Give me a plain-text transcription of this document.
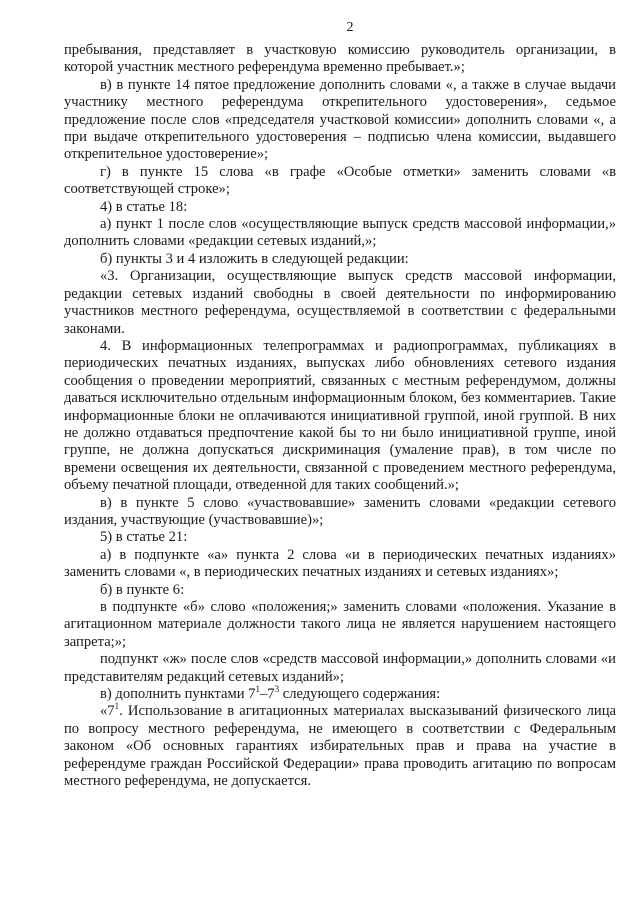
2

пребывания, представляет в участковую комиссию руководитель организации, в которой участник местного референдума временно пребывает.»;

в) в пункте 14 пятое предложение дополнить словами «, а также в случае выдачи участнику местного референдума открепительного удостоверения», седьмое предложение после слов «председателя участковой комиссии» дополнить словами «, а при выдаче открепительного удостоверения – подписью члена комиссии, выдавшего открепительное удостоверение»;

г) в пункте 15 слова «в графе «Особые отметки» заменить словами «в соответствующей строке»;

4) в статье 18:

а) пункт 1 после слов «осуществляющие выпуск средств массовой информации,» дополнить словами «редакции сетевых изданий,»;

б) пункты 3 и 4 изложить в следующей редакции:

«3. Организации, осуществляющие выпуск средств массовой информации, редакции сетевых изданий свободны в своей деятельности по информированию участников местного референдума, осуществляемой в соответствии с федеральными законами.

4. В информационных телепрограммах и радиопрограммах, публикациях в периодических печатных изданиях, выпусках либо обновлениях сетевого издания сообщения о проведении мероприятий, связанных с местным референдумом, должны даваться исключительно отдельным информационным блоком, без комментариев. Такие информационные блоки не оплачиваются инициативной группой, иной группой. В них не должно отдаваться предпочтение какой бы то ни было инициативной группе, иной группе, не должна допускаться дискриминация (умаление прав), в том числе по времени освещения их деятельности, связанной с проведением местного референдума, объему печатной площади, отведенной для таких сообщений.»;

в) в пункте 5 слово «участвовавшие» заменить словами «редакции сетевого издания, участвующие (участвовавшие)»;

5) в статье 21:

а) в подпункте «а» пункта 2 слова «и в периодических печатных изданиях» заменить словами «, в периодических печатных изданиях и сетевых изданиях»;

б) в пункте 6:

в подпункте «б» слово «положения;» заменить словами «положения. Указание в агитационном материале должности такого лица не является нарушением настоящего запрета;»;

подпункт «ж» после слов «средств массовой информации,» дополнить словами «и представителям редакций сетевых изданий»;

в) дополнить пунктами $7^1-7^3$ следующего содержания:

«$7^1$. Использование в агитационных материалах высказываний физического лица по вопросу местного референдума, не имеющего в соответствии с Федеральным законом «Об основных гарантиях избирательных прав и права на участие в референдуме граждан Российской Федерации» права проводить агитацию по вопросам местного референдума, не допускается.
